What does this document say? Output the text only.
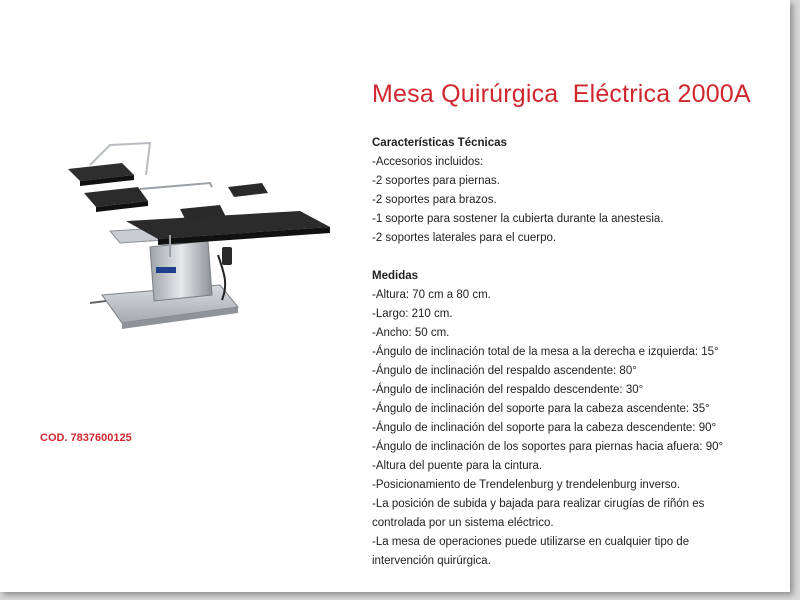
Mesa Quirúrgica  Eléctrica 2000A
Características Técnicas
-Accesorios incluidos:
-2 soportes para piernas.
-2 soportes para brazos.
-1 soporte para sostener la cubierta durante la anestesia.
-2 soportes laterales para el cuerpo.
Medidas
-Altura: 70 cm a 80 cm.
-Largo: 210 cm.
-Ancho: 50 cm.
-Ángulo de inclinación total de la mesa a la derecha e izquierda: 15°
-Ángulo de inclinación del respaldo ascendente: 80°
-Ángulo de inclinación del respaldo descendente: 30°
-Ángulo de inclinación del soporte para la cabeza ascendente: 35°
-Ángulo de inclinación del soporte para la cabeza descendente: 90°
-Ángulo de inclinación de los soportes para piernas hacia afuera: 90°
-Altura del puente para la cintura.
-Posicionamiento de Trendelenburg y trendelenburg inverso.
-La posición de subida y bajada para realizar cirugías de riñón es
controlada por un sistema eléctrico.
-La mesa de operaciones puede utilizarse en cualquier tipo de
intervención quirúrgica.
COD. 7837600125
